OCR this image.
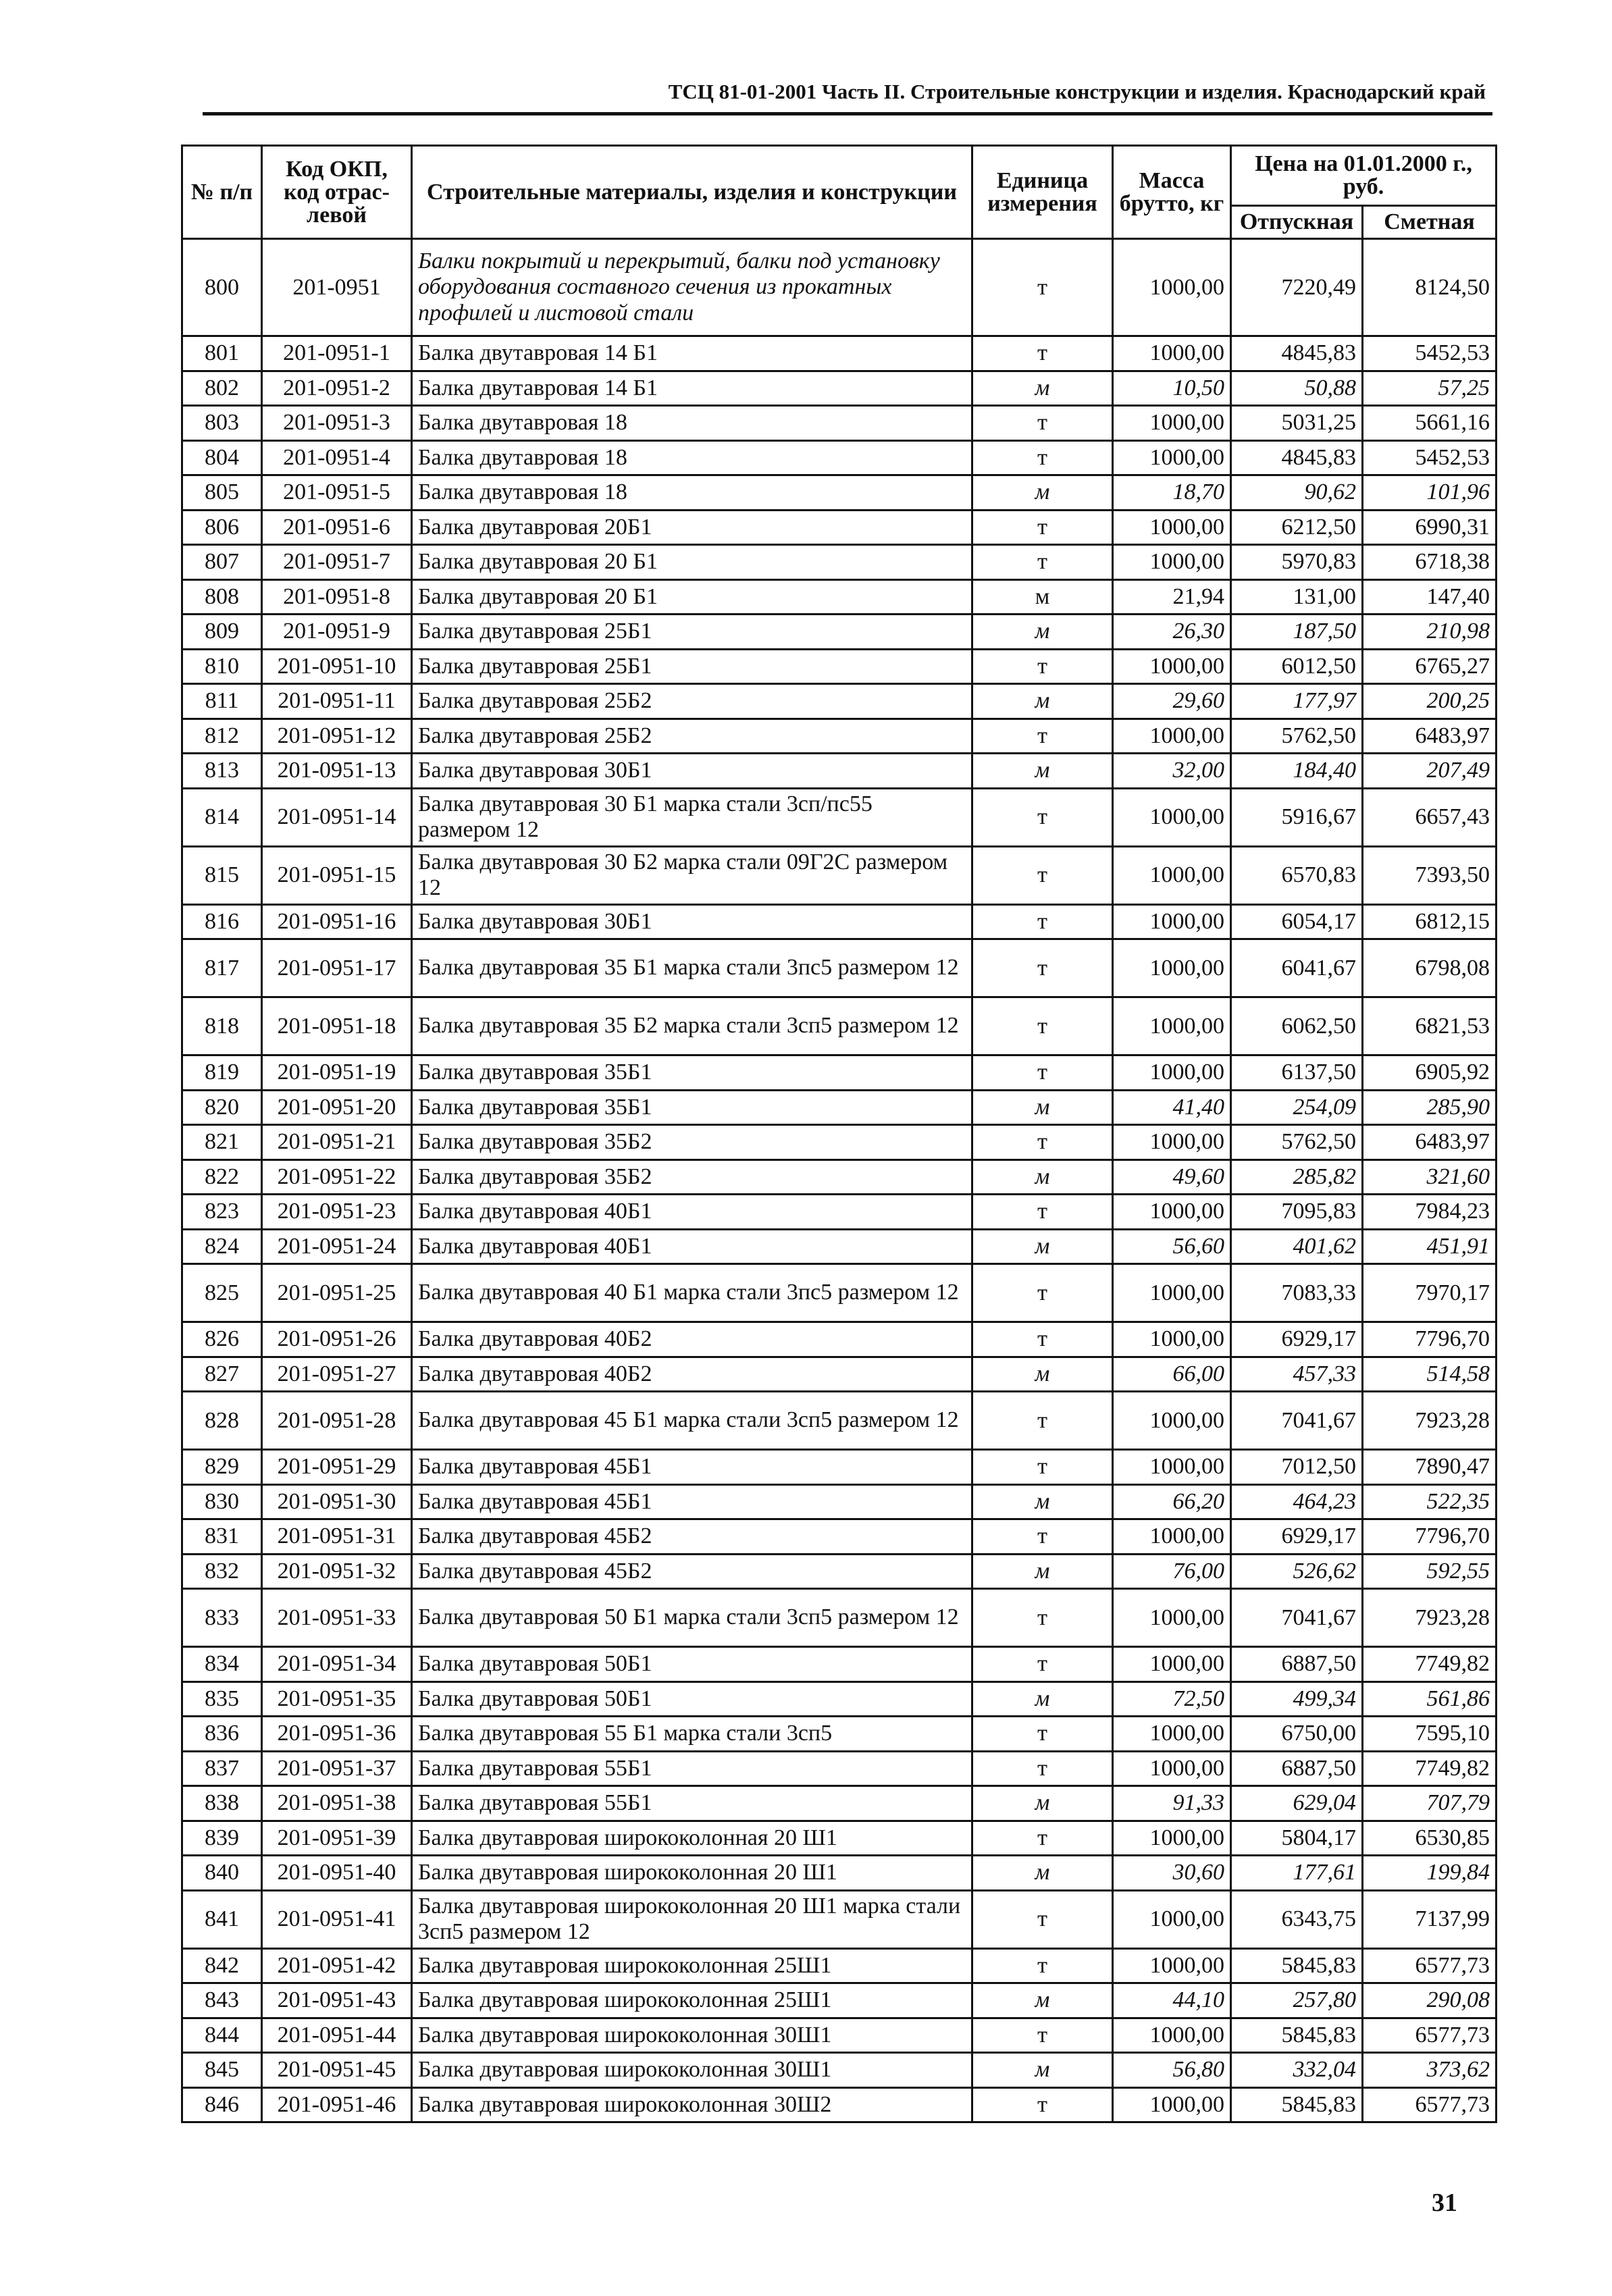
ТСЦ 81-01-2001 Часть II. Строительные конструкции и изделия. Краснодарский край
№ п/п	Код ОКП, код отрас-левой	Строительные материалы, изделия и конструкции	Единица измерения	Масса брутто, кг	Цена на 01.01.2000 г., руб.	
					Отпускная	Сметная
800	201-0951	Балки покрытий и перекрытий, балки под установку оборудования составного сечения из прокатных профилей и листовой стали	т	1000,00	7220,49	8124,50
801	201-0951-1	Балка двутавровая 14 Б1	т	1000,00	4845,83	5452,53
802	201-0951-2	Балка двутавровая 14 Б1	м	10,50	50,88	57,25
803	201-0951-3	Балка двутавровая 18	т	1000,00	5031,25	5661,16
804	201-0951-4	Балка двутавровая 18	т	1000,00	4845,83	5452,53
805	201-0951-5	Балка двутавровая 18	м	18,70	90,62	101,96
806	201-0951-6	Балка двутавровая 20Б1	т	1000,00	6212,50	6990,31
807	201-0951-7	Балка двутавровая 20 Б1	т	1000,00	5970,83	6718,38
808	201-0951-8	Балка двутавровая 20 Б1	м	21,94	131,00	147,40
809	201-0951-9	Балка двутавровая 25Б1	м	26,30	187,50	210,98
810	201-0951-10	Балка двутавровая 25Б1	т	1000,00	6012,50	6765,27
811	201-0951-11	Балка двутавровая 25Б2	м	29,60	177,97	200,25
812	201-0951-12	Балка двутавровая 25Б2	т	1000,00	5762,50	6483,97
813	201-0951-13	Балка двутавровая 30Б1	м	32,00	184,40	207,49
814	201-0951-14	Балка двутавровая 30 Б1 марка стали 3сп/пс55 размером 12	т	1000,00	5916,67	6657,43
815	201-0951-15	Балка двутавровая 30 Б2 марка стали 09Г2С размером 12	т	1000,00	6570,83	7393,50
816	201-0951-16	Балка двутавровая 30Б1	т	1000,00	6054,17	6812,15
817	201-0951-17	Балка двутавровая 35 Б1 марка стали 3пс5 размером 12	т	1000,00	6041,67	6798,08
818	201-0951-18	Балка двутавровая 35 Б2 марка стали 3сп5 размером 12	т	1000,00	6062,50	6821,53
819	201-0951-19	Балка двутавровая 35Б1	т	1000,00	6137,50	6905,92
820	201-0951-20	Балка двутавровая 35Б1	м	41,40	254,09	285,90
821	201-0951-21	Балка двутавровая 35Б2	т	1000,00	5762,50	6483,97
822	201-0951-22	Балка двутавровая 35Б2	м	49,60	285,82	321,60
823	201-0951-23	Балка двутавровая 40Б1	т	1000,00	7095,83	7984,23
824	201-0951-24	Балка двутавровая 40Б1	м	56,60	401,62	451,91
825	201-0951-25	Балка двутавровая 40 Б1 марка стали 3пс5 размером 12	т	1000,00	7083,33	7970,17
826	201-0951-26	Балка двутавровая 40Б2	т	1000,00	6929,17	7796,70
827	201-0951-27	Балка двутавровая 40Б2	м	66,00	457,33	514,58
828	201-0951-28	Балка двутавровая 45 Б1 марка стали 3сп5 размером 12	т	1000,00	7041,67	7923,28
829	201-0951-29	Балка двутавровая 45Б1	т	1000,00	7012,50	7890,47
830	201-0951-30	Балка двутавровая 45Б1	м	66,20	464,23	522,35
831	201-0951-31	Балка двутавровая 45Б2	т	1000,00	6929,17	7796,70
832	201-0951-32	Балка двутавровая 45Б2	м	76,00	526,62	592,55
833	201-0951-33	Балка двутавровая 50 Б1 марка стали 3сп5 размером 12	т	1000,00	7041,67	7923,28
834	201-0951-34	Балка двутавровая 50Б1	т	1000,00	6887,50	7749,82
835	201-0951-35	Балка двутавровая 50Б1	м	72,50	499,34	561,86
836	201-0951-36	Балка двутавровая 55 Б1 марка стали 3сп5	т	1000,00	6750,00	7595,10
837	201-0951-37	Балка двутавровая 55Б1	т	1000,00	6887,50	7749,82
838	201-0951-38	Балка двутавровая 55Б1	м	91,33	629,04	707,79
839	201-0951-39	Балка двутавровая ширококолонная 20 Ш1	т	1000,00	5804,17	6530,85
840	201-0951-40	Балка двутавровая ширококолонная 20 Ш1	м	30,60	177,61	199,84
841	201-0951-41	Балка двутавровая ширококолонная 20 Ш1 марка стали 3сп5 размером 12	т	1000,00	6343,75	7137,99
842	201-0951-42	Балка двутавровая ширококолонная 25Ш1	т	1000,00	5845,83	6577,73
843	201-0951-43	Балка двутавровая ширококолонная 25Ш1	м	44,10	257,80	290,08
844	201-0951-44	Балка двутавровая ширококолонная 30Ш1	т	1000,00	5845,83	6577,73
845	201-0951-45	Балка двутавровая ширококолонная 30Ш1	м	56,80	332,04	373,62
846	201-0951-46	Балка двутавровая ширококолонная 30Ш2	т	1000,00	5845,83	6577,73
31
